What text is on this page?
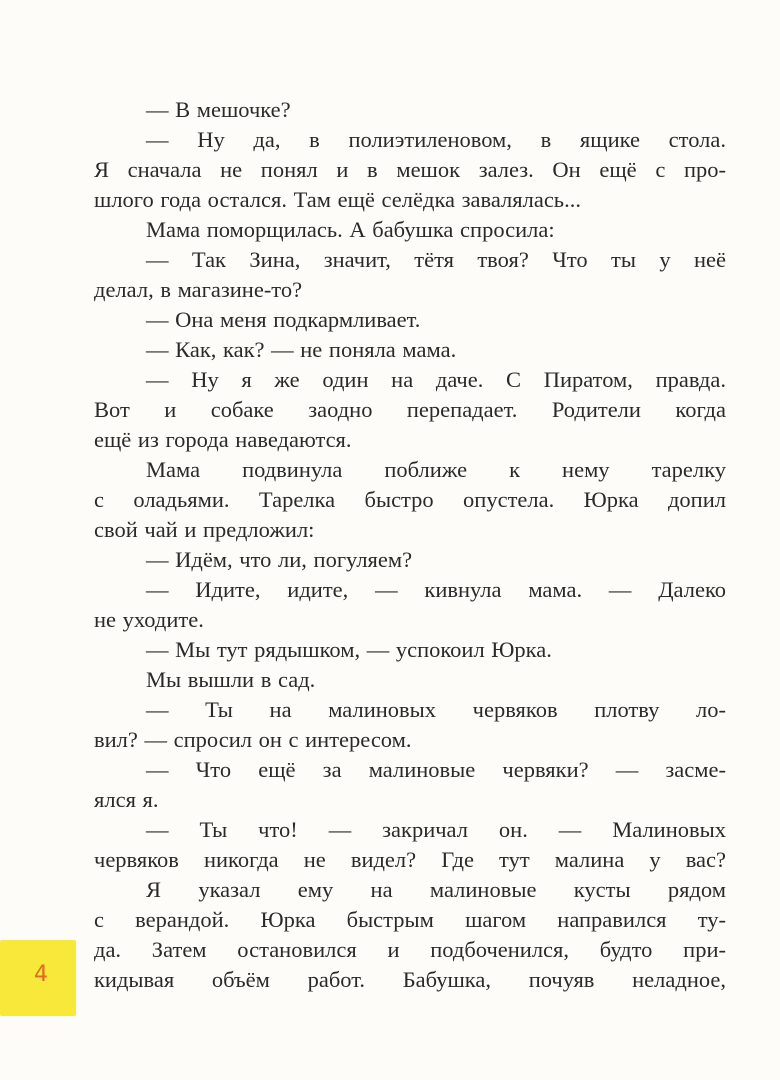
— В мешочке?
— Ну да, в полиэтиленовом, в ящике стола.
Я сначала не понял и в мешок залез. Он ещё с про-
шлого года остался. Там ещё селёдка завалялась...
Мама поморщилась. А бабушка спросила:
— Так Зина, значит, тётя твоя? Что ты у неё
делал, в магазине-то?
— Она меня подкармливает.
— Как, как? — не поняла мама.
— Ну я же один на даче. С Пиратом, правда.
Вот и собаке заодно перепадает. Родители когда
ещё из города наведаются.
Мама подвинула поближе к нему тарелку
с оладьями. Тарелка быстро опустела. Юрка допил
свой чай и предложил:
— Идём, что ли, погуляем?
— Идите, идите, — кивнула мама. — Далеко
не уходите.
— Мы тут рядышком, — успокоил Юрка.
Мы вышли в сад.
— Ты на малиновых червяков плотву ло-
вил? — спросил он с интересом.
— Что ещё за малиновые червяки? — засме-
ялся я.
— Ты что! — закричал он. — Малиновых
червяков никогда не видел? Где тут малина у вас?
Я указал ему на малиновые кусты рядом
с верандой. Юрка быстрым шагом направился ту-
да. Затем остановился и подбоченился, будто при-
кидывая объём работ. Бабушка, почуяв неладное,
4
